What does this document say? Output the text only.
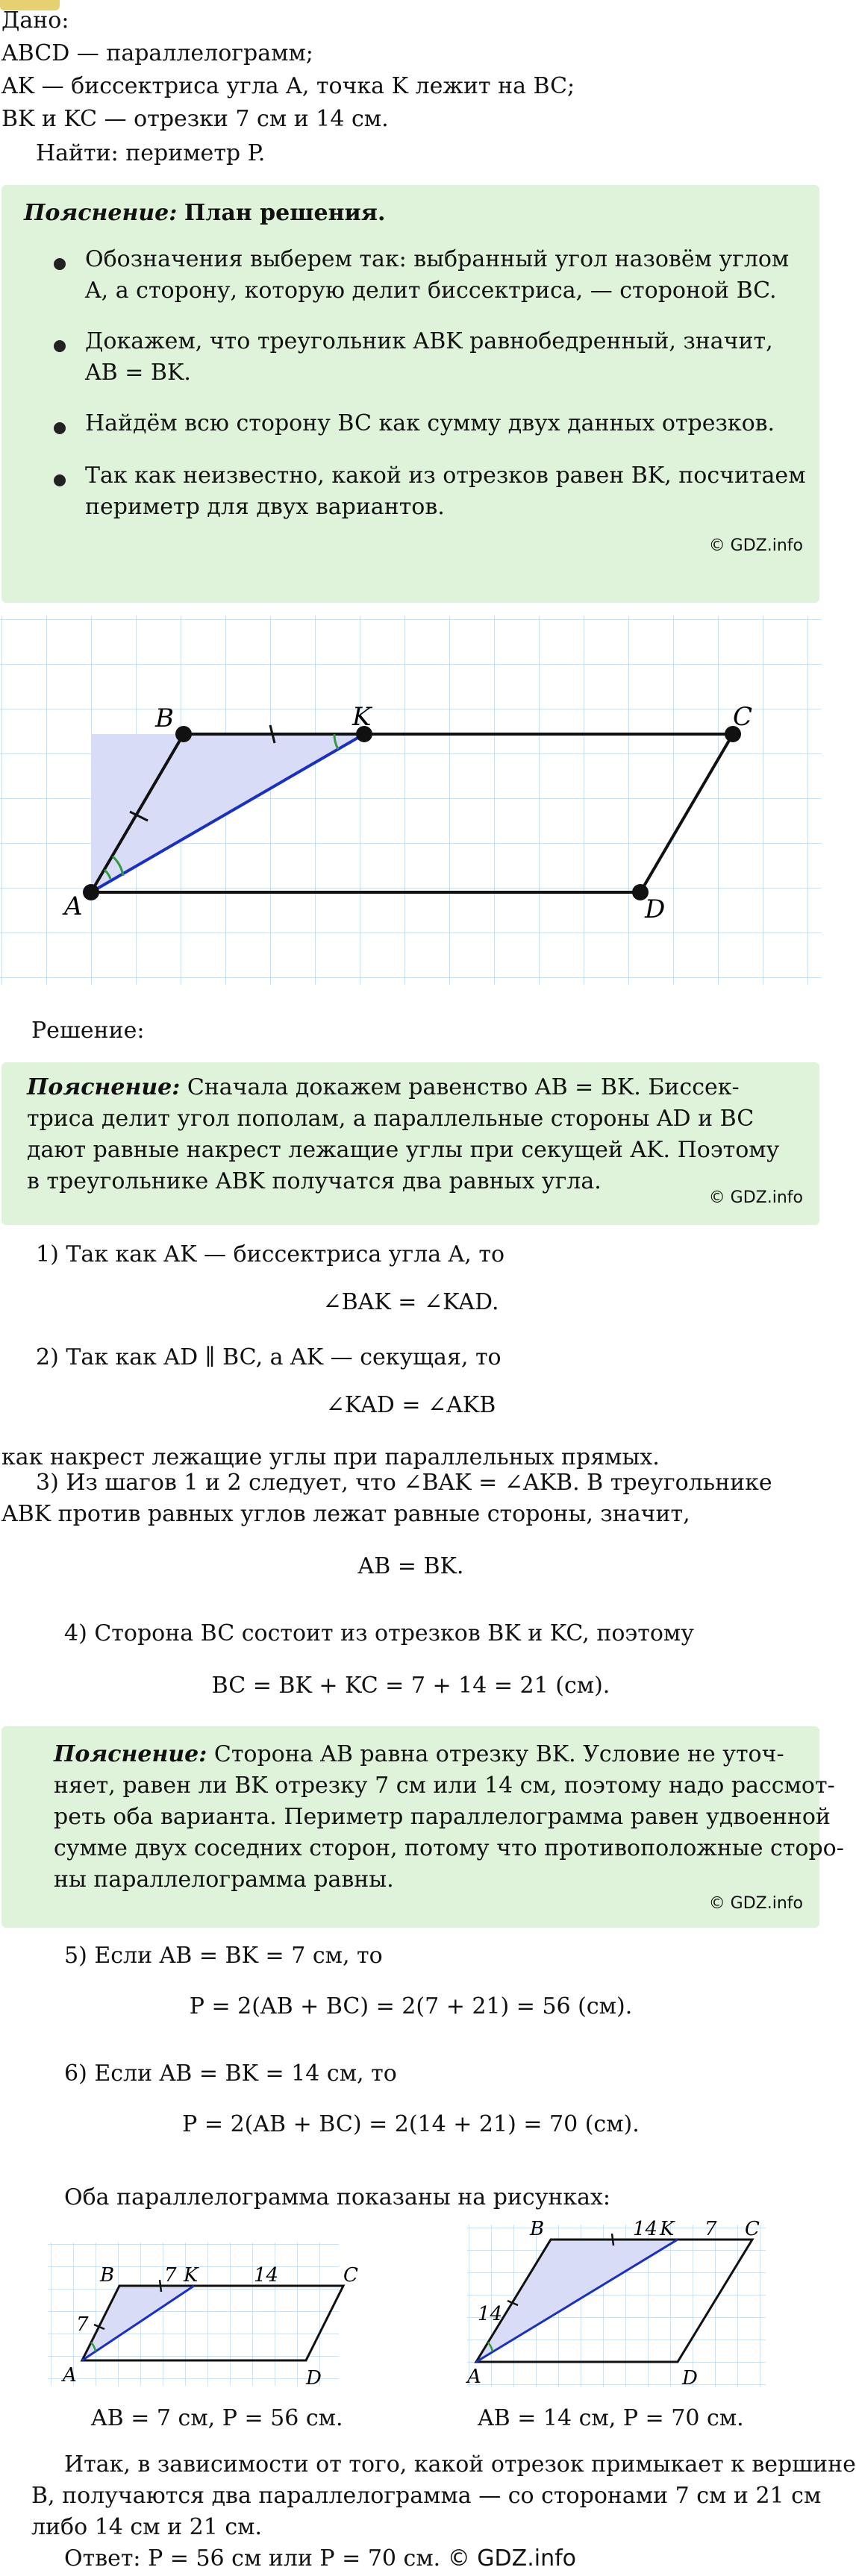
Дано:
ABCD — параллелограмм;
AK — биссектриса угла A, точка K лежит на BC;
BK и KC — отрезки 7 см и 14 см.
Найти: периметр P.
Пояснение: План решения.
Обозначения выберем так: выбранный угол назовём углом
A, а сторону, которую делит биссектриса, — стороной BC.
Докажем, что треугольник ABK равнобедренный, значит,
AB = BK.
Найдём всю сторону BC как сумму двух данных отрезков.
Так как неизвестно, какой из отрезков равен BK, посчитаем
периметр для двух вариантов.
© GDZ.info
B	K	C
A	D
Решение:
Пояснение: Сначала докажем равенство AB = BK. Биссек-
триса делит угол пополам, а параллельные стороны AD и BC
дают равные накрест лежащие углы при секущей AK. Поэтому
в треугольнике ABK получатся два равных угла.
© GDZ.info
1) Так как AK — биссектриса угла A, то
∠BAK = ∠KAD.
2) Так как AD ∥ BC, а AK — секущая, то
∠KAD = ∠AKB
как накрест лежащие углы при параллельных прямых.
3) Из шагов 1 и 2 следует, что ∠BAK = ∠AKB. В треугольнике
ABK против равных углов лежат равные стороны, значит,
AB = BK.
4) Сторона BC состоит из отрезков BK и KC, поэтому
BC = BK + KC = 7 + 14 = 21 (см).
Пояснение: Сторона AB равна отрезку BK. Условие не уточ-
няет, равен ли BK отрезку 7 см или 14 см, поэтому надо рассмот-
реть оба варианта. Периметр параллелограмма равен удвоенной
сумме двух соседних сторон, потому что противоположные сторо-
ны параллелограмма равны.
© GDZ.info
5) Если AB = BK = 7 см, то
P = 2(AB + BC) = 2(7 + 21) = 56 (см).
6) Если AB = BK = 14 см, то
P = 2(AB + BC) = 2(14 + 21) = 70 (см).
Оба параллелограмма показаны на рисунках:
B	7 K	14	C
7
A	D
B	14 K 7 C
14
A	D
AB = 7 см, P = 56 см.	AB = 14 см, P = 70 см.
Итак, в зависимости от того, какой отрезок примыкает к вершине
B, получаются два параллелограмма — со сторонами 7 см и 21 см
либо 14 см и 21 см.
Ответ: P = 56 см или P = 70 см. © GDZ.info
